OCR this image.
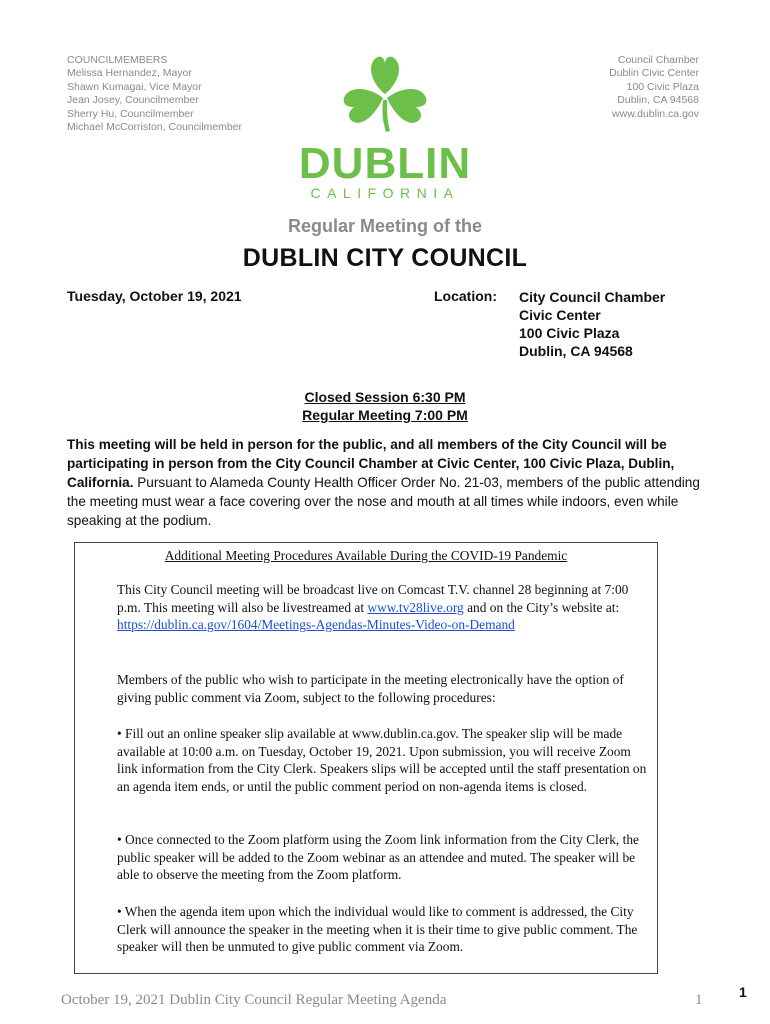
COUNCILMEMBERS
Melissa Hernandez, Mayor
Shawn Kumagai, Vice Mayor
Jean Josey, Councilmember
Sherry Hu, Councilmember
Michael McCorriston, Councilmember
Council Chamber
Dublin Civic Center
100 Civic Plaza
Dublin, CA 94568
www.dublin.ca.gov
DUBLIN
CALIFORNIA
Regular Meeting of the
DUBLIN CITY COUNCIL
Tuesday, October 19, 2021	Location: City Council Chamber
Civic Center
100 Civic Plaza
Dublin, CA 94568
Closed Session 6:30 PM
Regular Meeting 7:00 PM
This meeting will be held in person for the public, and all members of the City Council will be participating in person from the City Council Chamber at Civic Center, 100 Civic Plaza, Dublin, California. Pursuant to Alameda County Health Officer Order No. 21-03, members of the public attending the meeting must wear a face covering over the nose and mouth at all times while indoors, even while speaking at the podium.
Additional Meeting Procedures Available During the COVID-19 Pandemic
This City Council meeting will be broadcast live on Comcast T.V. channel 28 beginning at 7:00 p.m. This meeting will also be livestreamed at www.tv28live.org and on the City’s website at: https://dublin.ca.gov/1604/Meetings-Agendas-Minutes-Video-on-Demand
Members of the public who wish to participate in the meeting electronically have the option of giving public comment via Zoom, subject to the following procedures:
• Fill out an online speaker slip available at www.dublin.ca.gov. The speaker slip will be made available at 10:00 a.m. on Tuesday, October 19, 2021. Upon submission, you will receive Zoom link information from the City Clerk. Speakers slips will be accepted until the staff presentation on an agenda item ends, or until the public comment period on non-agenda items is closed.
• Once connected to the Zoom platform using the Zoom link information from the City Clerk, the public speaker will be added to the Zoom webinar as an attendee and muted. The speaker will be able to observe the meeting from the Zoom platform.
• When the agenda item upon which the individual would like to comment is addressed, the City Clerk will announce the speaker in the meeting when it is their time to give public comment. The speaker will then be unmuted to give public comment via Zoom.
October 19, 2021 Dublin City Council Regular Meeting Agenda	1	1
